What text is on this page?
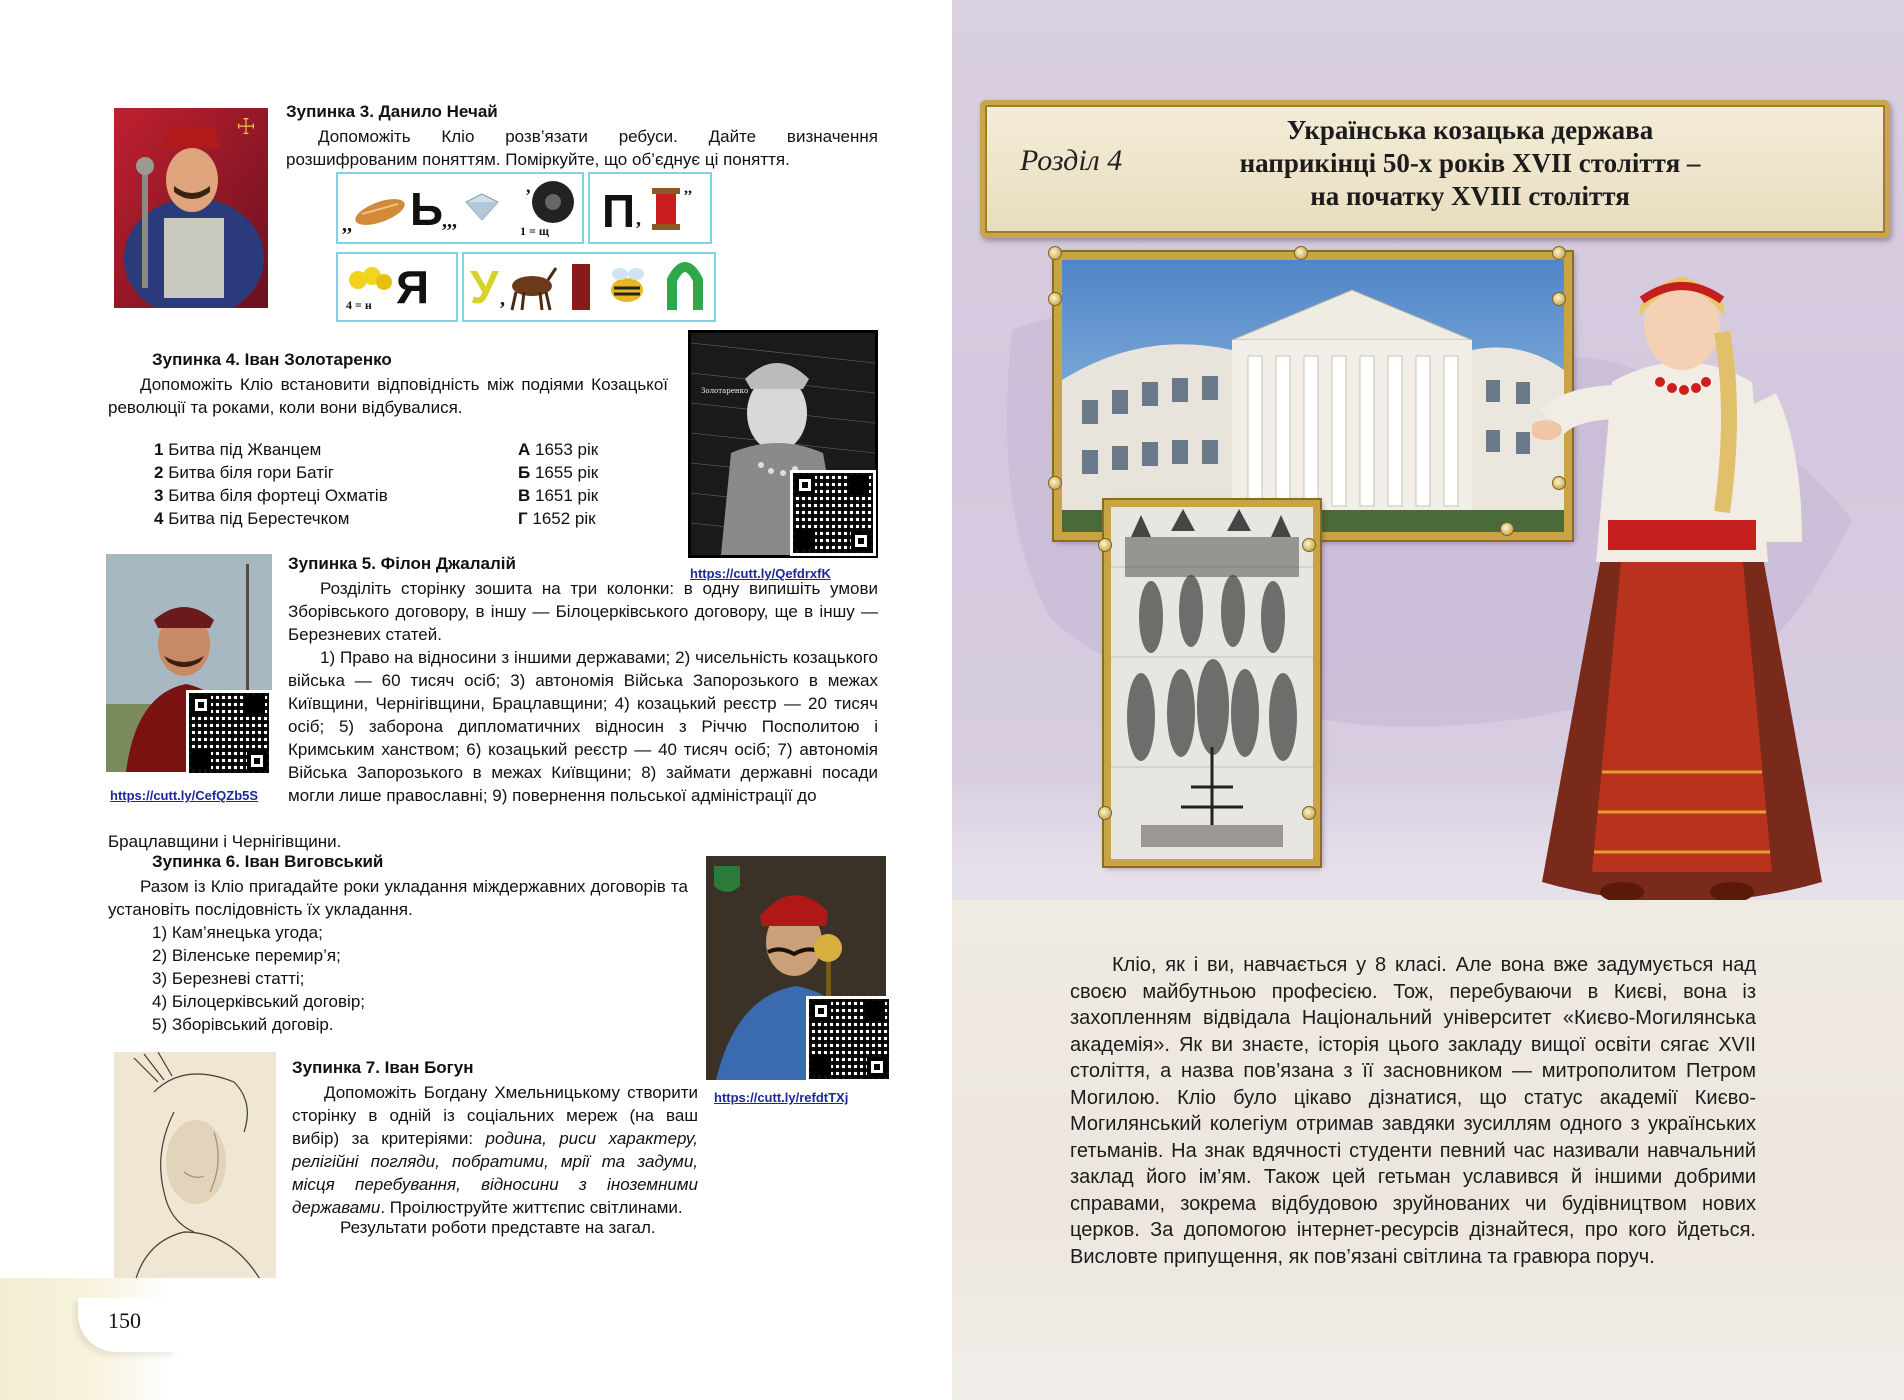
☩
Зупинка 3. Данило Нечай
Допоможіть Кліо розв’язати ребуси. Дайте визначення розшифрованим поняттям. Поміркуйте, що об’єднує ці поняття.
,, Ь
,,,
,
1 = щ П ,
,,
4 = н Я У ,
Зупинка 4. Іван Золотаренко
Допоможіть Кліо встановити відповідність між подіями Козацької революції та роками, коли вони відбувалися.
Золотаренко
https://cutt.ly/QefdrxfK
1 Битва під Жванцем
2 Битва біля гори Батіг
3 Битва біля фортеці Охматів
4 Битва під Берестечком
А 1653 рік
Б 1655 рік
В 1651 рік
Г 1652 рік
https://cutt.ly/CefQZb5S
Зупинка 5. Філон Джалалій
Розділіть сторінку зошита на три колонки: в одну випишіть умови Зборівського договору, в іншу — Білоцерківського договору, ще в іншу — Березневих статей.
1) Право на відносини з іншими державами; 2) чисельність козацького війська — 60 тисяч осіб; 3) автономія Війська Запорозького в межах Київщини, Чернігівщини, Брацлавщини; 4) козацький реєстр — 20 тисяч осіб; 5) заборона дипломатичних відносин з Річчю Посполитою і Кримським ханством; 6) козацький реєстр — 40 тисяч осіб; 7) автономія Війська Запорозького в межах Київщини; 8) займати державні посади могли лише православні; 9) повернення польської адміністрації до
Брацлавщини і Чернігівщини.
Зупинка 6. Іван Виговський
Разом із Кліо пригадайте роки укладання міждержавних договорів та установіть послідовність їх укладання.

1) Кам’янецька угода;

2) Віленське перемир’я;

3) Березневі статті;

4) Білоцерківський договір;

5) Зборівський договір.

https://cutt.ly/refdtTXj
Зупинка 7. Іван Богун

Допоможіть Богдану Хмельницькому створити сторінку в одній із соціальних мереж (на ваш вибір) за критеріями: родина, риси характеру, релігійні погляди, побратими, мрії та задуми, місця перебування, відносини з іноземними державами. Проілюструйте життєпис світлинами.

Результати роботи представте на загал.
150
Розділ 4
Українська козацька держава
наприкінці 50-х років XVII століття –
на початку XVIII століття

Кліо, як і ви, навчається у 8 класі. Але вона вже задумується над своєю майбутньою професією. Тож, перебуваючи в Києві, вона із захопленням відвідала Національний університет «Києво-Могилянська академія». Як ви знаєте, історія цього закладу вищої освіти сягає XVII століття, а назва пов’язана з її засновником — митрополитом Петром Могилою. Кліо було цікаво дізнатися, що статус академії Києво-Могилянський колегіум отримав завдяки зусиллям одного з українських гетьманів. На знак вдячності студенти певний час називали навчальний заклад його ім’ям. Також цей гетьман уславився й іншими добрими справами, зокрема відбудовою зруйнованих чи будівництвом нових церков. За допомогою інтернет-ресурсів дізнайтеся, про кого йдеться. Висловте припущення, як пов’язані світлина та гравюра поруч.
